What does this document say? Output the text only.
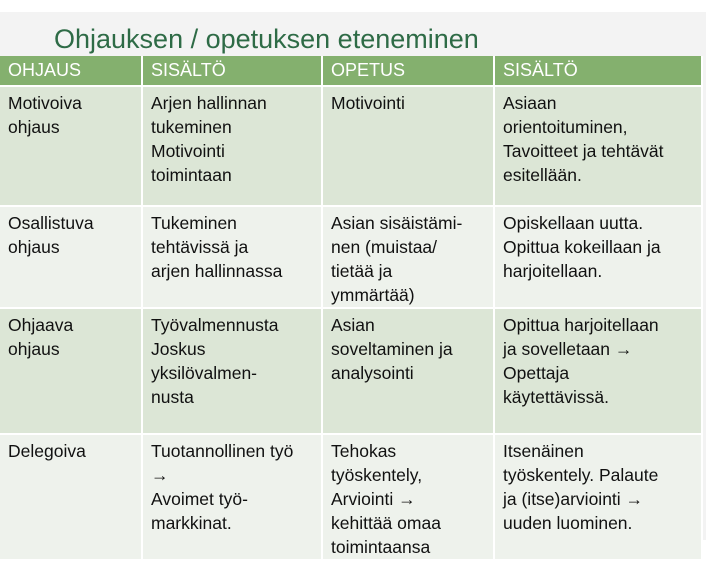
Ohjauksen / opetuksen eteneminen
OHJAUS	SISÄLTÖ	OPETUS	SISÄLTÖ

Motivoiva
ohjaus	Arjen hallinnan
tukeminen
Motivointi
toimintaan	Motivointi	Asiaan
orientoituminen,
Tavoitteet ja tehtävät
esitellään.

Osallistuva
ohjaus	Tukeminen
tehtävissä ja
arjen hallinnassa	Asian sisäistämi-
nen (muistaa/
tietää ja
ymmärtää)	Opiskellaan uutta.
Opittua kokeillaan ja
harjoitellaan.

Ohjaava
ohjaus	Työvalmennusta
Joskus
yksilövalmen-
nusta	Asian
soveltaminen ja
analysointi	Opittua harjoitellaan
ja sovelletaan →
Opettaja
käytettävissä.

Delegoiva	Tuotannollinen työ
→
Avoimet työ-
markkinat.	Tehokas
työskentely,
Arviointi →
kehittää omaa
toimintaansa	Itsenäinen
työskentely. Palaute
ja (itse)arviointi →
uuden luominen.
